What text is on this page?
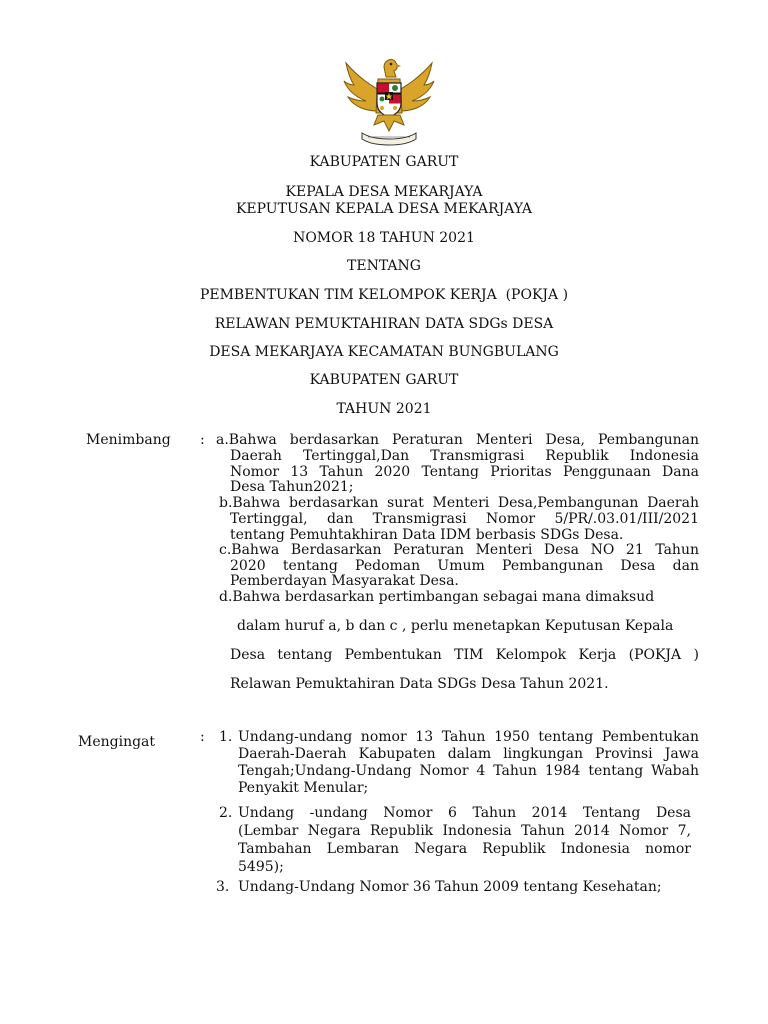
KABUPATEN GARUT
KEPALA DESA MEKARJAYA
KEPUTUSAN KEPALA DESA MEKARJAYA
NOMOR 18 TAHUN 2021
TENTANG
PEMBENTUKAN TIM KELOMPOK KERJA  (POKJA )
RELAWAN PEMUKTAHIRAN DATA SDGs DESA
DESA MEKARJAYA KECAMATAN BUNGBULANG
KABUPATEN GARUT
TAHUN 2021
Menimbang : a.Bahwa berdasarkan Peraturan Menteri Desa, Pembangunan
Daerah Tertinggal,Dan Transmigrasi Republik Indonesia
Nomor 13 Tahun 2020 Tentang Prioritas Penggunaan Dana
Desa Tahun2021;
b.Bahwa berdasarkan surat Menteri Desa,Pembangunan Daerah
Tertinggal, dan Transmigrasi Nomor 5/PR/.03.01/III/2021
tentang Pemuhtakhiran Data IDM berbasis SDGs Desa.
c.Bahwa Berdasarkan Peraturan Menteri Desa NO 21 Tahun
2020 tentang Pedoman Umum Pembangunan Desa dan
Pemberdayan Masyarakat Desa.
d.Bahwa berdasarkan pertimbangan sebagai mana dimaksud
dalam huruf a, b dan c , perlu menetapkan Keputusan Kepala
Desa tentang Pembentukan TIM Kelompok Kerja (POKJA )
Relawan Pemuktahiran Data SDGs Desa Tahun 2021.
Mengingat	: 1. Undang-undang nomor 13 Tahun 1950 tentang Pembentukan
Daerah-Daerah Kabupaten dalam lingkungan Provinsi Jawa
Tengah;Undang-Undang Nomor 4 Tahun 1984 tentang Wabah
Penyakit Menular;
2. Undang -undang Nomor 6 Tahun 2014 Tentang Desa
(Lembar Negara Republik Indonesia Tahun 2014 Nomor 7,
Tambahan Lembaran Negara Republik Indonesia nomor
5495);
3. Undang-Undang Nomor 36 Tahun 2009 tentang Kesehatan;
